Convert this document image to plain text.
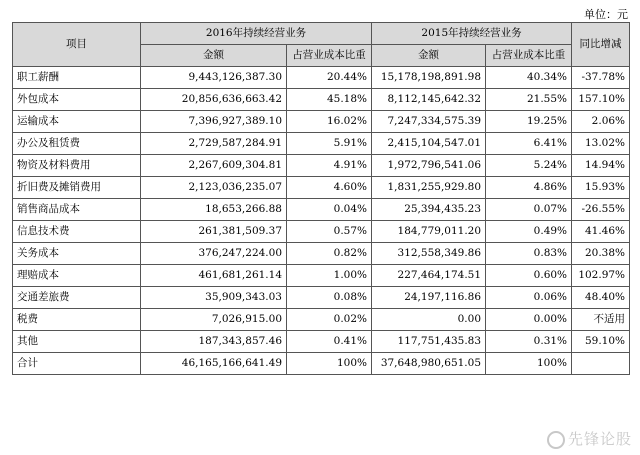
单位：元
项目	2016年持续经营业务		2015年持续经营业务		同比增减
	金额	占营业成本比重	金额	占营业成本比重	
职工薪酬	9,443,126,387.30	20.44%	15,178,198,891.98	40.34%	-37.78%
外包成本	20,856,636,663.42	45.18%	8,112,145,642.32	21.55%	157.10%
运输成本	7,396,927,389.10	16.02%	7,247,334,575.39	19.25%	2.06%
办公及租赁费	2,729,587,284.91	5.91%	2,415,104,547.01	6.41%	13.02%
物资及材料费用	2,267,609,304.81	4.91%	1,972,796,541.06	5.24%	14.94%
折旧费及摊销费用	2,123,036,235.07	4.60%	1,831,255,929.80	4.86%	15.93%
销售商品成本	18,653,266.88	0.04%	25,394,435.23	0.07%	-26.55%
信息技术费	261,381,509.37	0.57%	184,779,011.20	0.49%	41.46%
关务成本	376,247,224.00	0.82%	312,558,349.86	0.83%	20.38%
理赔成本	461,681,261.14	1.00%	227,464,174.51	0.60%	102.97%
交通差旅费	35,909,343.03	0.08%	24,197,116.86	0.06%	48.40%
税费	7,026,915.00	0.02%	0.00	0.00%	不适用
其他	187,343,857.46	0.41%	117,751,435.83	0.31%	59.10%
合计	46,165,166,641.49	100%	37,648,980,651.05	100%	
先锋论股
